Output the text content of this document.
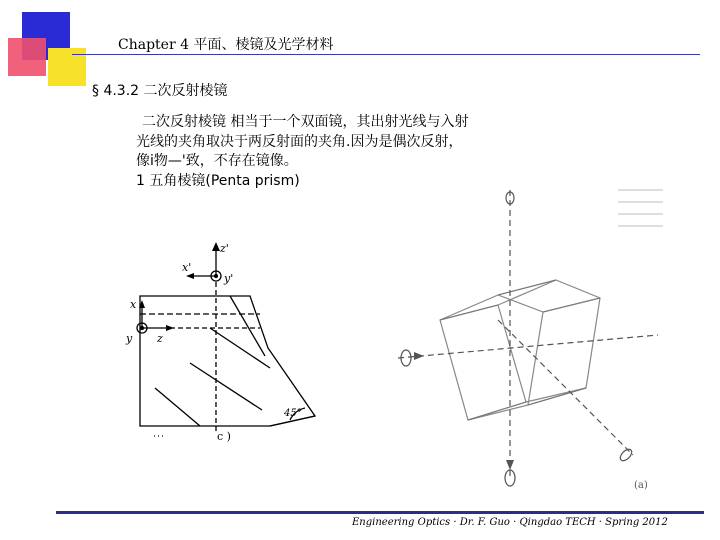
Chapter 4 平面、棱镜及光学材料
§ 4.3.2 二次反射棱镜
二次反射棱镜 相当于一个双面镜，其出射光线与入射
光线的夹角取决于两反射面的夹角.因为是偶次反射，
像i物—'致，不存在镜像。
1 五角棱镜(Penta prism)
z'
x'
y'
x
y z
45°
c )
(a)
Engineering Optics · Dr. F. Guo · Qingdao TECH · Spring 2012
